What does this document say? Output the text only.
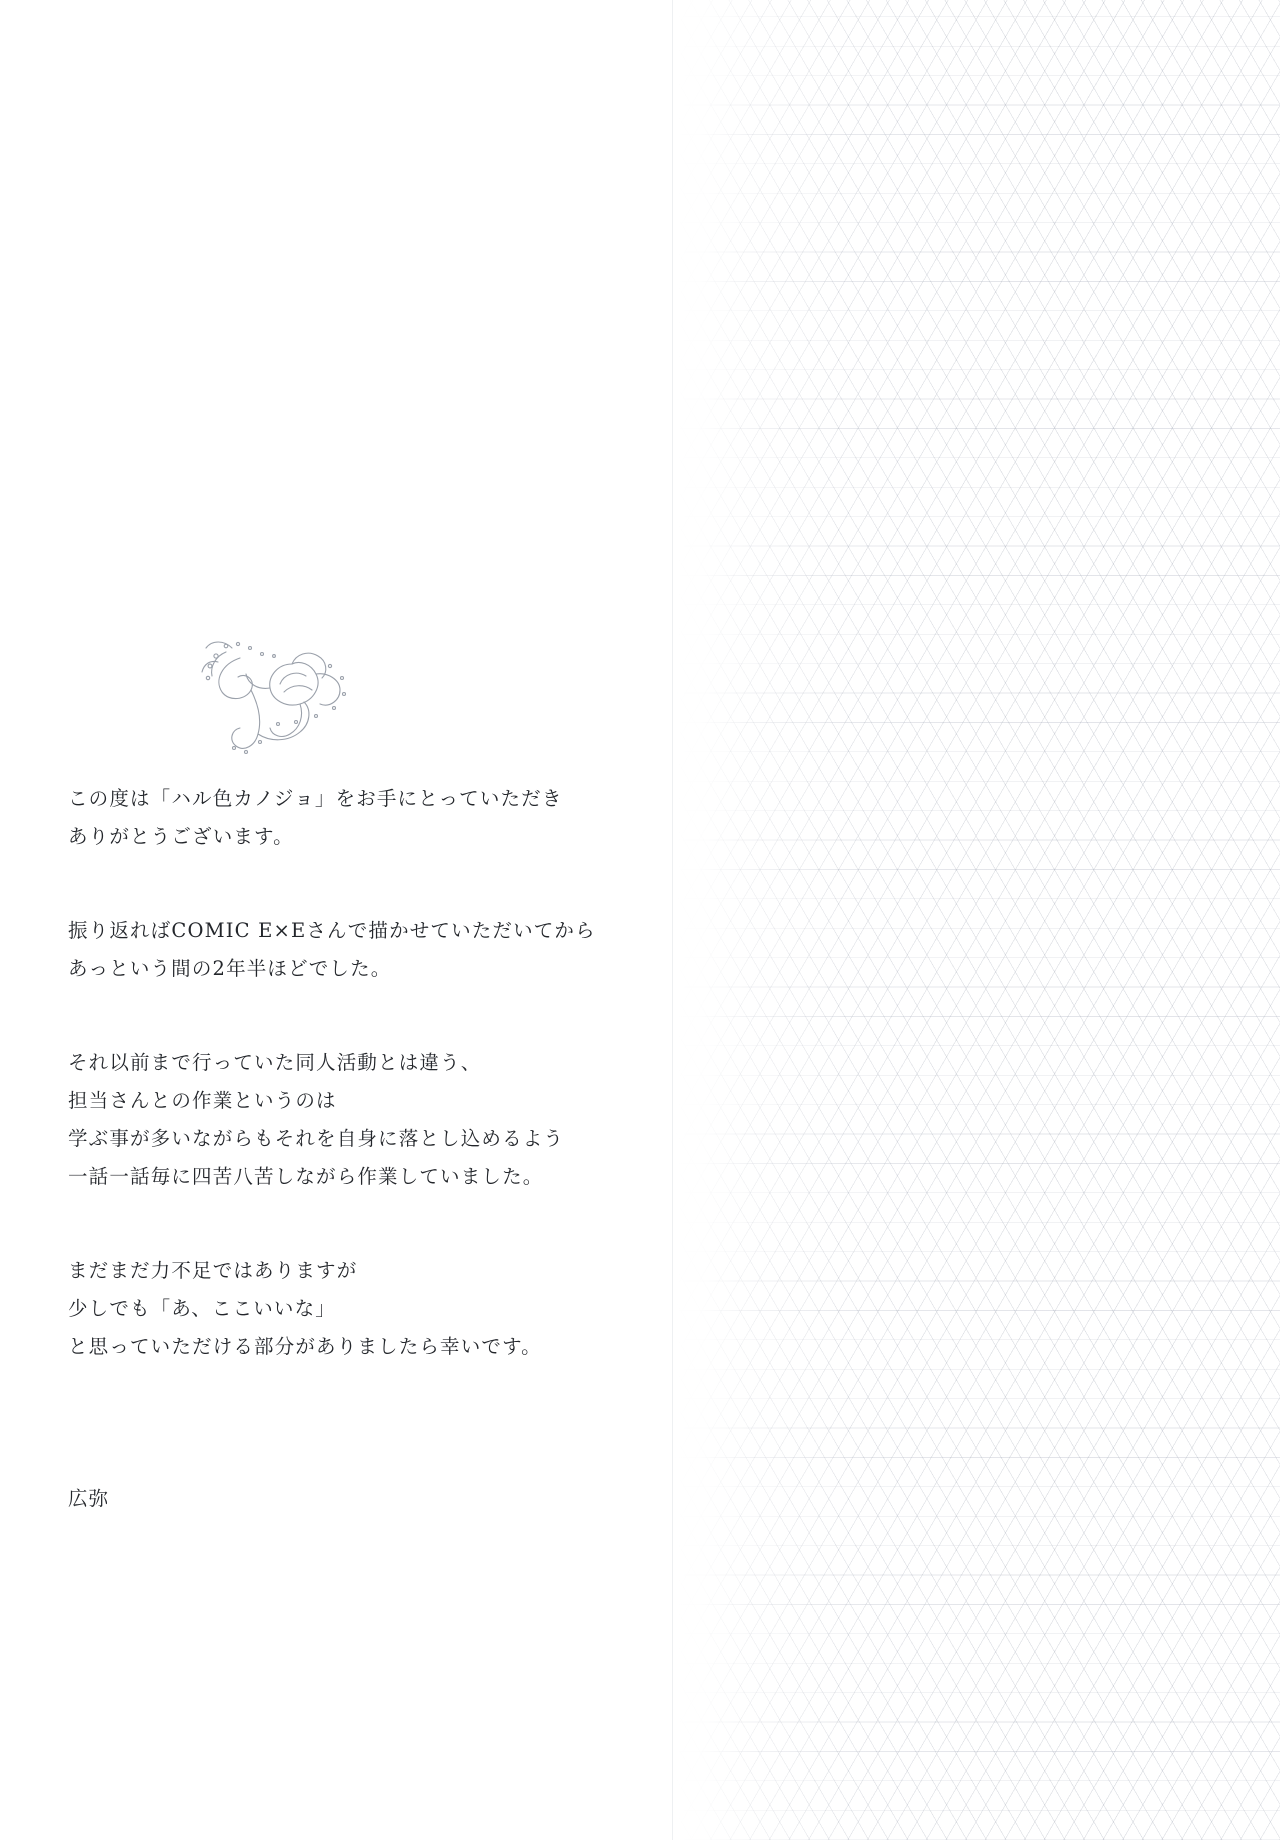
この度は「ハル色カノジョ」をお手にとっていただき
ありがとうございます。
振り返ればCOMIC E×Eさんで描かせていただいてから
あっという間の2年半ほどでした。
それ以前まで行っていた同人活動とは違う、
担当さんとの作業というのは
学ぶ事が多いながらもそれを自身に落とし込めるよう
一話一話毎に四苦八苦しながら作業していました。
まだまだ力不足ではありますが
少しでも「あ、ここいいな」
と思っていただける部分がありましたら幸いです。
広弥
